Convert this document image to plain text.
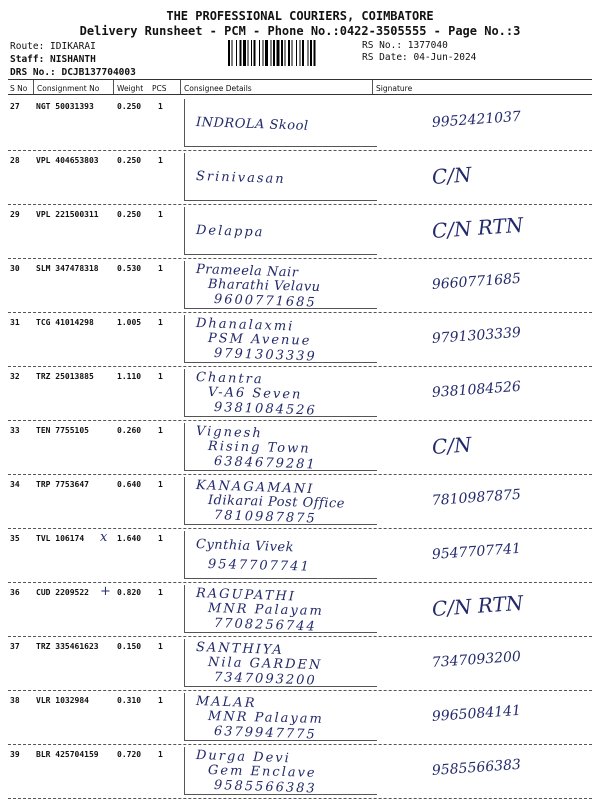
THE PROFESSIONAL COURIERS, COIMBATORE
Delivery Runsheet - PCM - Phone No.:0422-3505555 - Page No.:3
Route: IDIKARAI
Staff: NISHANTH
DRS No.: DCJB137704003
RS No.: 1377040
RS Date: 04-Jun-2024
S No Consignment No Weight PCS Consignee Details	Signature
27 NGT 50031393	0.250 1
INDROLA Skool	9952421037
28 VPL 404653803 0.250 1
Srinivasan	C/N
29 VPL 221500311 0.250 1
Delappa	C/N RTN
30 SLM 347478318 0.530 1	Prameela Nair
Bharathi Velavu
9600771685
9660771685
31 TCG 41014298	1.005 1	Dhanalaxmi
PSM Avenue
9791303339
9791303339
32 TRZ 25013885	1.110 1	Chantra
V-A6 Seven
9381084526
9381084526
33 TEN 7755105	0.260 1	Vignesh
Rising Town
6384679281
C/N
34 TRP 7753647	0.640 1	KANAGAMANI
Idikarai Post Office
7810987875
7810987875
35 TVL 106174	1.640 1
x	Cynthia Vivek
9547707741
9547707741
36 CUD 2209522	0.820 1
+	RAGUPATHI
MNR Palayam
7708256744
C/N RTN
37 TRZ 335461623 0.150 1	SANTHIYA
Nila GARDEN
7347093200
7347093200
38 VLR 1032984	0.310 1	MALAR
MNR Palayam
6379947775
9965084141
39 BLR 425704159 0.720 1	Durga Devi
Gem Enclave
9585566383
9585566383
